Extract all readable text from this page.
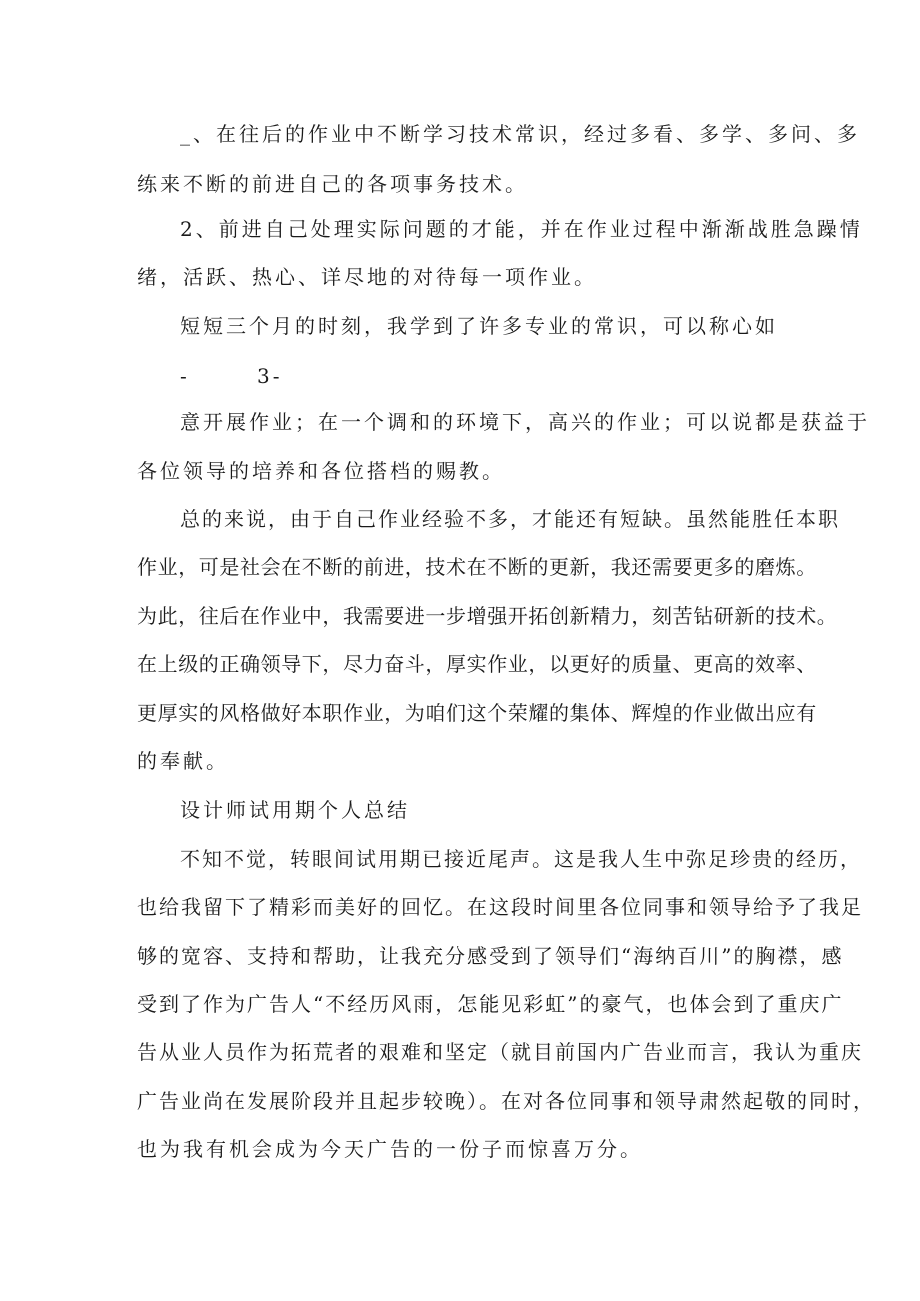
_、在往后的作业中不断学习技术常识，经过多看、多学、多问、多
练来不断的前进自己的各项事务技术。
2、前进自己处理实际问题的才能，并在作业过程中渐渐战胜急躁情
绪，活跃、热心、详尽地的对待每一项作业。
短短三个月的时刻，我学到了许多专业的常识，可以称心如
-	3-
意开展作业；在一个调和的环境下，高兴的作业；可以说都是获益于
各位领导的培养和各位搭档的赐教。
总的来说，由于自己作业经验不多，才能还有短缺。虽然能胜任本职
作业，可是社会在不断的前进，技术在不断的更新，我还需要更多的磨炼。
为此，往后在作业中，我需要进一步增强开拓创新精力，刻苦钻研新的技术。
在上级的正确领导下，尽力奋斗，厚实作业，以更好的质量、更高的效率、
更厚实的风格做好本职作业，为咱们这个荣耀的集体、辉煌的作业做出应有
的奉献。
设计师试用期个人总结
不知不觉，转眼间试用期已接近尾声。这是我人生中弥足珍贵的经历，
也给我留下了精彩而美好的回忆。在这段时间里各位同事和领导给予了我足
够的宽容、支持和帮助，让我充分感受到了领导们“海纳百川”的胸襟，感
受到了作为广告人“不经历风雨，怎能见彩虹”的豪气，也体会到了重庆广
告从业人员作为拓荒者的艰难和坚定（就目前国内广告业而言，我认为重庆
广告业尚在发展阶段并且起步较晚）。在对各位同事和领导肃然起敬的同时，
也为我有机会成为今天广告的一份子而惊喜万分。
